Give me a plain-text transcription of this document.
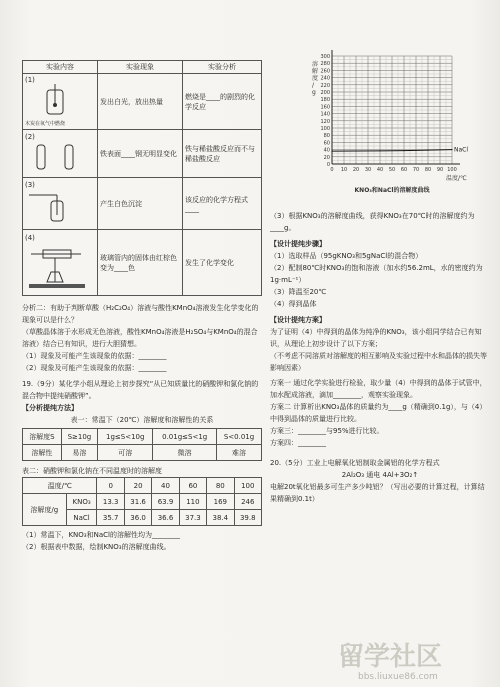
实验内容	实验现象	实验分析

(1)
木炭在氧气中燃烧	发出白光，放出热量	燃烧是____的剧烈的化学反应

(2)	铁表面____钢无明显变化	铁与稀盐酸反应而不与稀盐酸反应

(3)	产生白色沉淀	该反应的化学方程式____

(4)	玻璃管内的固体由红棕色变为____色	发生了化学变化

分析二：有助于判断草酸（H₂C₂O₄）溶液与酸性KMnO₄溶液发生化学变化的现象可以是什么？

（草酸晶体溶于水形成无色溶液，酸性KMnO₄溶液是H₂SO₄与KMnO₄的混合溶液）结合已有知识，进行大胆猜想。

（1）现象及可能产生该现象的依据：________

（2）现象及可能产生该现象的依据：________

19.（9分）某化学小组从理论上初步探究“从已知质量比的硝酸钾和氯化钠的混合物中提纯硝酸钾”。

【分析提纯方法】

表一：常温下（20℃）溶解度和溶解性的关系

溶解度S	S≥10g	1g≤S<10g	0.01g≤S<1g	S<0.01g
溶解性	易溶	可溶	微溶	难溶

表二：硝酸钾和氯化钠在不同温度时的溶解度

温度/℃		0	20	40	60	80	100
溶解度/g	KNO₃	13.3	31.6	63.9	110	169	246
	NaCl	35.7	36.0	36.6	37.3	38.4	39.8

（1）常温下，KNO₃和NaCl的溶解性均为________

（2）根据表中数据，绘制KNO₃的溶解度曲线。

0
20
40
60
80
100
120
140
160
180
200
220
240
260
280
300
0 10 20 30 40 50 60 70 80 90 100
溶解度/ g
温度/℃
KNO₃和NaCl的溶解度曲线
NaCl

（3）根据KNO₃的溶解度曲线，获得KNO₃在70℃时的溶解度约为____g。

【设计提纯步骤】

（1）选取样品（95gKNO₃和5gNaCl的混合物）

（2）配制80℃时KNO₃的饱和溶液（加水约56.2mL，水的密度约为1g·mL⁻¹）

（3）降温至20℃

（4）得到晶体

【设计提纯方案】

为了证明（4）中得到的晶体为纯净的KNO₃，该小组同学结合已有知识，从理论上初步设计了以下方案；

（不考虑不同溶质对溶解度的相互影响及实验过程中水和晶体的损失等影响因素）

方案一 通过化学实验进行检验，取少量（4）中得到的晶体于试管中，加水配成溶液，滴加________，观察实验现象。

方案二 计算析出KNO₃晶体的质量约为____g（精确到0.1g），与（4）中得到晶体的质量进行比较。

方案三：________与95%进行比较。

方案四：________

20.（5分）工业上电解氧化铝制取金属铝的化学方程式

2Al₂O₃ 通电 4Al+3O₂↑

电解20t氧化铝最多可生产多少吨铝？（写出必要的计算过程，计算结果精确到0.1t）

留学社区
bbs.liuxue86.com
